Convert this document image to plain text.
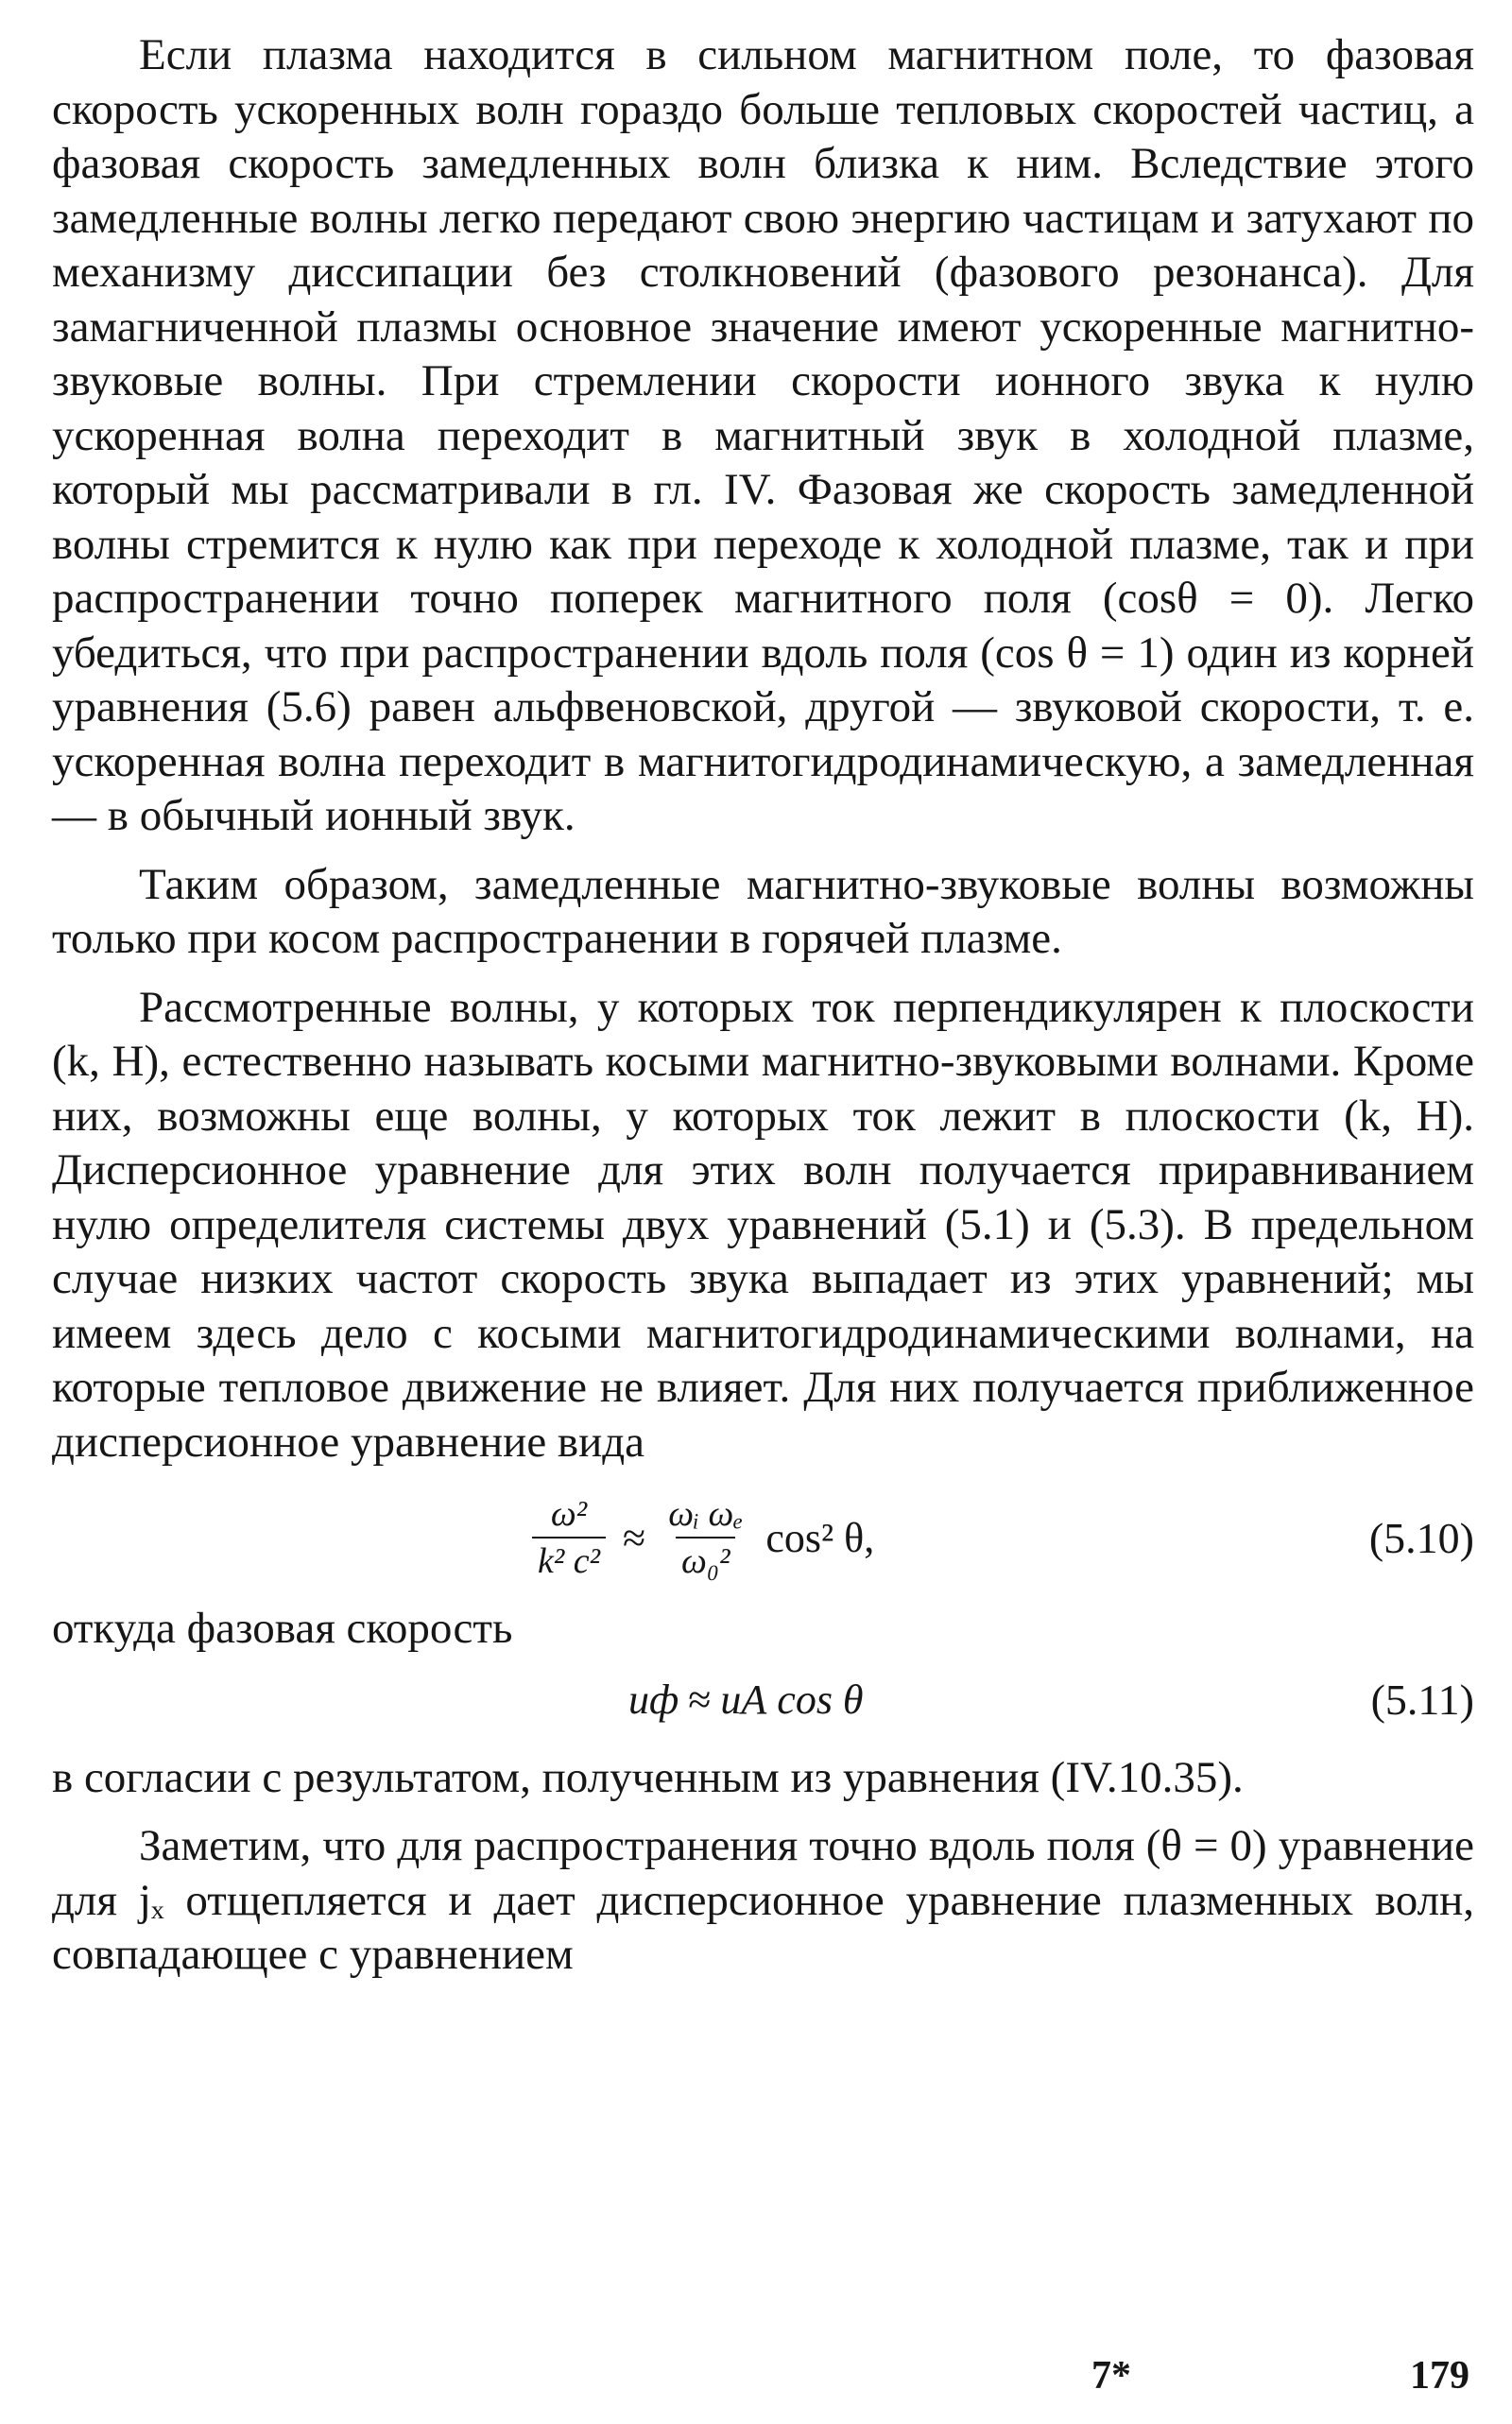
Если плазма находится в сильном магнитном поле, то фазовая скорость ускоренных волн гораздо больше тепловых скоростей частиц, а фазовая скорость замедленных волн близка к ним. Вследствие этого замедленные волны легко передают свою энергию частицам и затухают по механизму диссипации без столкновений (фазового резонанса). Для замагниченной плазмы основное значение имеют ускоренные магнитно-звуковые волны. При стремлении скорости ионного звука к нулю ускоренная волна переходит в магнитный звук в холодной плазме, который мы рассматривали в гл. IV. Фазовая же скорость замедленной волны стремится к нулю как при переходе к холодной плазме, так и при распространении точно поперек магнитного поля (cosθ = 0). Легко убедиться, что при распространении вдоль поля (cos θ = 1) один из корней уравнения (5.6) равен альфвеновской, другой — звуковой скорости, т. е. ускоренная волна переходит в магнитогидродинамическую, а замедленная — в обычный ионный звук.

Таким образом, замедленные магнитно-звуковые волны возможны только при косом распространении в горячей плазме.

Рассмотренные волны, у которых ток перпендикулярен к плоскости (k, H), естественно называть косыми магнитно-звуковыми волнами. Кроме них, возможны еще волны, у которых ток лежит в плоскости (k, H). Дисперсионное уравнение для этих волн получается приравниванием нулю определителя системы двух уравнений (5.1) и (5.3). В предельном случае низких частот скорость звука выпадает из этих уравнений; мы имеем здесь дело с косыми магнитогидродинамическими волнами, на которые тепловое движение не влияет. Для них получается приближенное дисперсионное уравнение вида

$\frac{\text{ω²}}{\text{k² c²}} \approx \frac{\text{ωᵢ ωₑ}}{\text{ω₀²}} \cos^2$ θ,	(5.10)

откуда фазовая скорость

uф ≈ uА cos θ	(5.11)

в согласии с результатом, полученным из уравнения (IV.10.35).

Заметим, что для распространения точно вдоль поля (θ = 0) уравнение для jₓ отщепляется и дает дисперсионное уравнение плазменных волн, совпадающее с уравнением

7*	179
